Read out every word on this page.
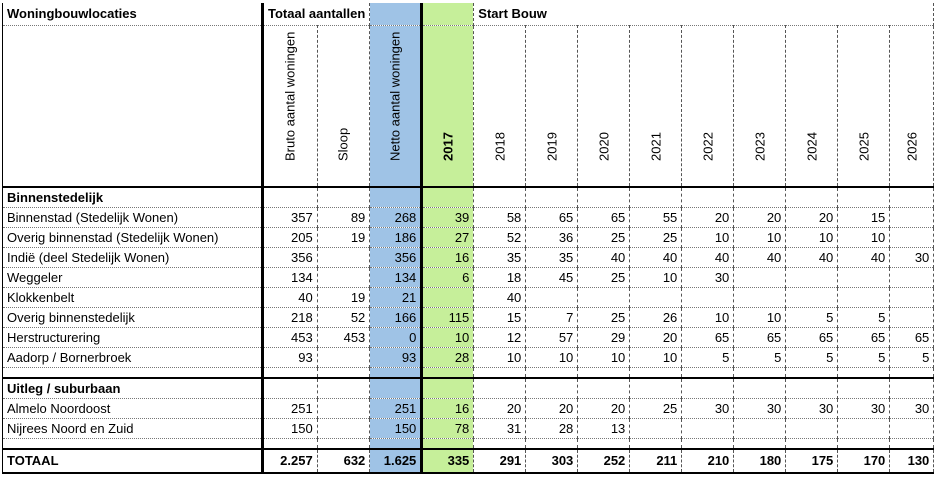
Woningbouwlocaties	Totaal aantallen				Start Bouw								

	Bruto aantal woningen	Sloop	Netto aantal woningen	2017	2018	2019	2020	2021	2022	2023	2024	2025	2026

Binnenstedelijk													
Binnenstad (Stedelijk Wonen)	357	89	268	39	58	65	65	55	20	20	20	15	
Overig binnenstad (Stedelijk Wonen)	205	19	186	27	52	36	25	25	10	10	10	10	
Indië (deel Stedelijk Wonen)	356		356	16	35	35	40	40	40	40	40	40	30
Weggeler	134		134	6	18	45	25	10	30				
Klokkenbelt	40	19	21		40								
Overig binnenstedelijk	218	52	166	115	15	7	25	26	10	10	5	5	
Herstructurering	453	453	0	10	12	57	29	20	65	65	65	65	65
Aadorp / Bornerbroek	93		93	28	10	10	10	10	5	5	5	5	5

Uitleg / suburbaan													
Almelo Noordoost	251		251	16	20	20	20	25	30	30	30	30	30
Nijrees Noord en Zuid	150		150	78	31	28	13						

TOTAAL	2.257	632	1.625	335	291	303	252	211	210	180	175	170	130
